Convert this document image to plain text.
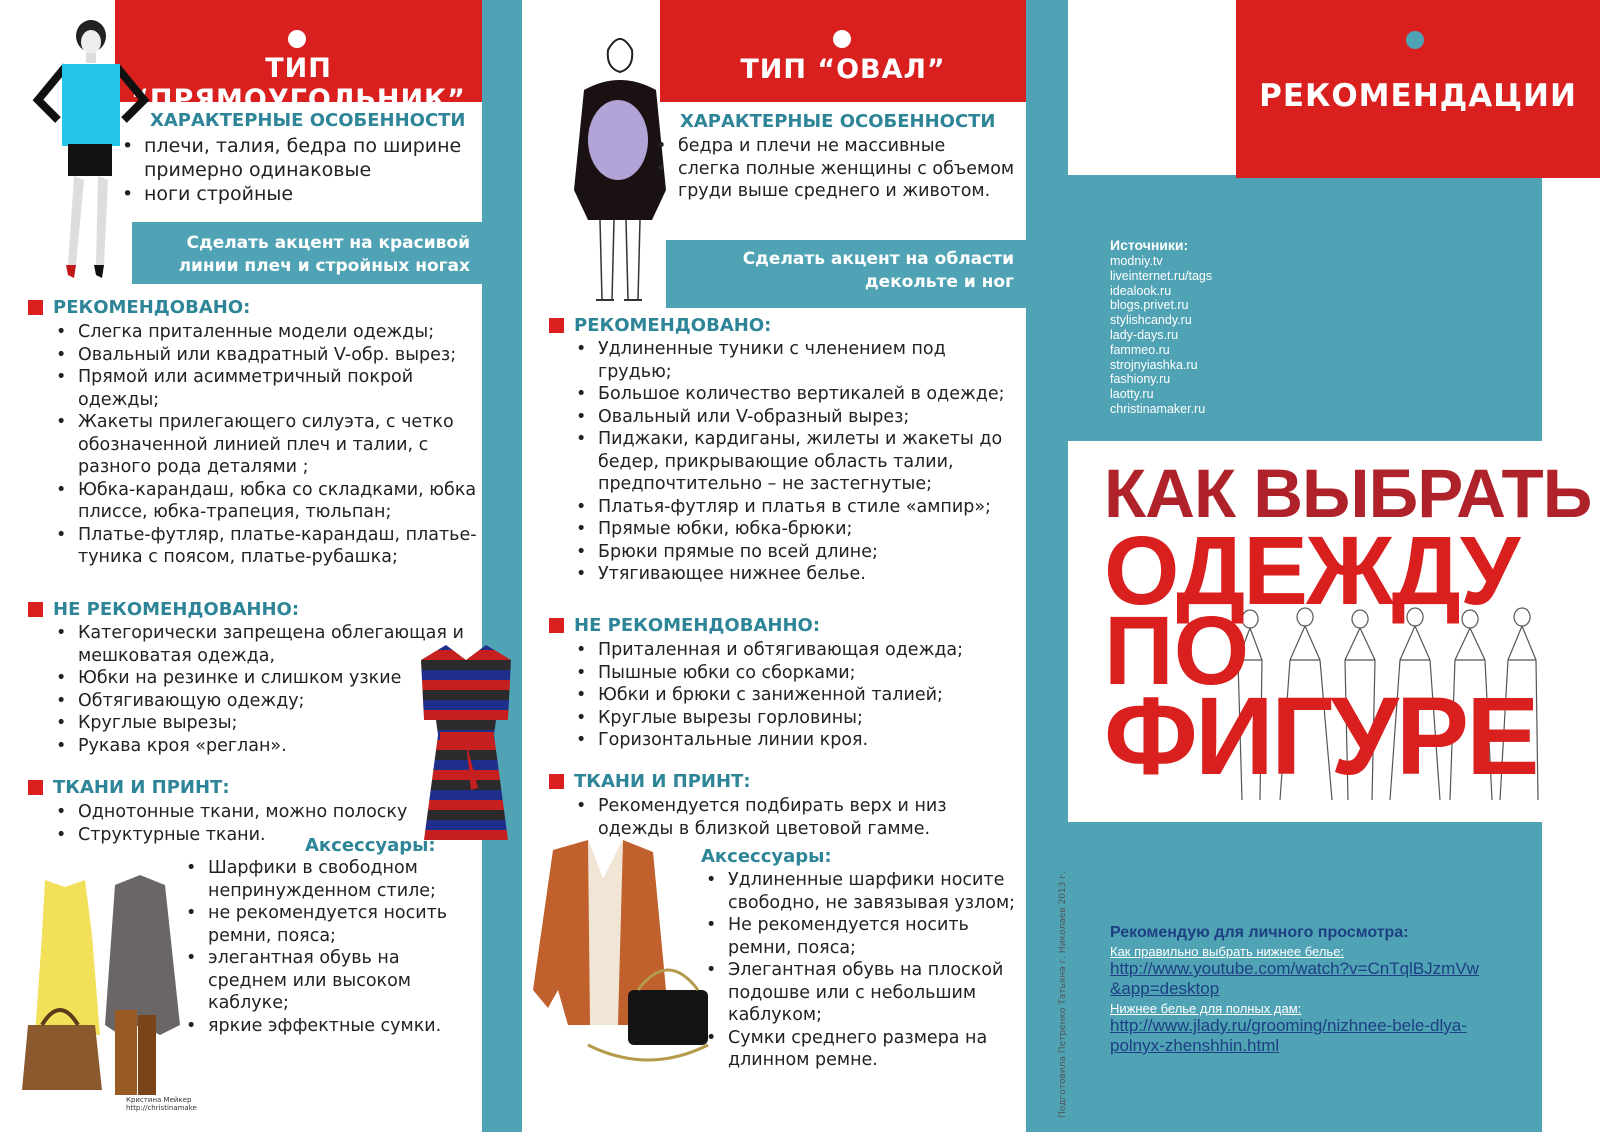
ТИП “ПРЯМОУГОЛЬНИК”
ХАРАКТЕРНЫЕ ОСОБЕННОСТИ
• плечи, талия, бедра по ширине примерно одинаковые
• ноги стройные
Сделать акцент на красивой линии плеч и стройных ногах
РЕКОМЕНДОВАНО:
• Слегка приталенные модели одежды;
• Овальный или квадратный V-обр. вырез;
• Прямой или асимметричный покрой одежды;
• Жакеты прилегающего силуэта, с четко обозначенной линией плеч и талии, с разного рода деталями ;
• Юбка-карандаш, юбка со складками, юбка плиссе, юбка-трапеция, тюльпан;
• Платье-футляр, платье-карандаш, платье-туника с поясом, платье-рубашка;
НЕ РЕКОМЕНДОВАННО:
• Категорически запрещена облегающая и мешковатая одежда,
• Юбки на резинке и слишком узкие
• Обтягивающую одежду;
• Круглые вырезы;
• Рукава кроя «реглан».
ТКАНИ И ПРИНТ:
• Однотонные ткани, можно полоску
• Структурные ткани.
Аксессуары:
• Шарфики в свободном непринужденном стиле;
• не рекомендуется носить ремни, пояса;
• элегантная обувь на среднем или высоком каблуке;
• яркие эффектные сумки.
Кристина Мейкер
http://christinamake
ТИП “ОВАЛ”
ХАРАКТЕРНЫЕ ОСОБЕННОСТИ
• бедра и плечи не массивные
• слегка полные женщины с объемом груди выше среднего и животом.
Сделать акцент на области декольте и ног
РЕКОМЕНДОВАНО:
• Удлиненные туники с членением под грудью;
• Большое количество вертикалей в одежде;
• Овальный или V-образный вырез;
• Пиджаки, кардиганы, жилеты и жакеты до бедер, прикрывающие область талии, предпочтительно – не застегнутые;
• Платья-футляр и платья в стиле «ампир»;
• Прямые юбки, юбка-брюки;
• Брюки прямые по всей длине;
• Утягивающее нижнее белье.
НЕ РЕКОМЕНДОВАННО:
• Приталенная и обтягивающая одежда;
• Пышные юбки со сборками;
• Юбки и брюки с заниженной талией;
• Круглые вырезы горловины;
• Горизонтальные линии кроя.
ТКАНИ И ПРИНТ:
• Рекомендуется подбирать верх и низ одежды в близкой цветовой гамме.
Аксессуары:
• Удлиненные шарфики носите свободно, не завязывая узлом;
• Не рекомендуется носить ремни, пояса;
• Элегантная обувь на плоской подошве или с небольшим каблуком;
• Сумки среднего размера на длинном ремне.	Подготовила Петренко Татьяна г. Николаев 2013 г.
РЕКОМЕНДАЦИИ
Источники:
modniy.tv
liveinternet.ru/tags
idealook.ru
blogs.privet.ru
stylishcandy.ru
lady-days.ru
fammeo.ru
strojnyiashka.ru
fashiony.ru
laotty.ru
christinamaker.ru
КАК ВЫБРАТЬ
ОДЕЖДУ
ПО
ФИГУРЕ
Рекомендую для личного просмотра:
Как правильно выбрать нижнее белье:
http://www.youtube.com/watch?v=CnTqlBJzmVw
&app=desktop
Нижнее белье для полных дам:
http://www.jlady.ru/grooming/nizhnee-bele-dlya-
polnyx-zhenshhin.html
